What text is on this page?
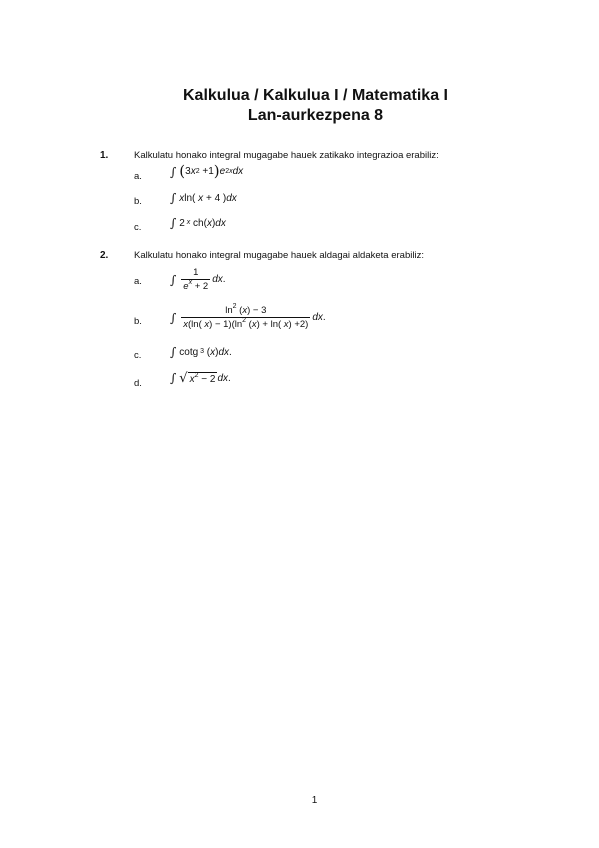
Kalkulua / Kalkulua I / Matematika I
Lan-aurkezpena 8
1.	Kalkulatu honako integral mugagabe hauek zatikako integrazioa erabiliz:
a. ∫ ( 3 x 2 +1 ) e 2x dx
b. ∫ x ln( x + 4 ) dx
c. ∫ 2 x ch( x ) dx
2.	Kalkulatu honako integral mugagabe hauek aldagai aldaketa erabiliz:
a. ∫ $\frac{1}{e^x + 2}$ dx .
b. ∫ $\frac{\ln^2 (x) - 3}{x(\ln( x) - 1)(\ln^2 (x) + \ln( x) +2)}$ dx .
c. ∫ cotg 3 ( x ) dx .
d. ∫ √ $x^2 - 2$ dx .
1
